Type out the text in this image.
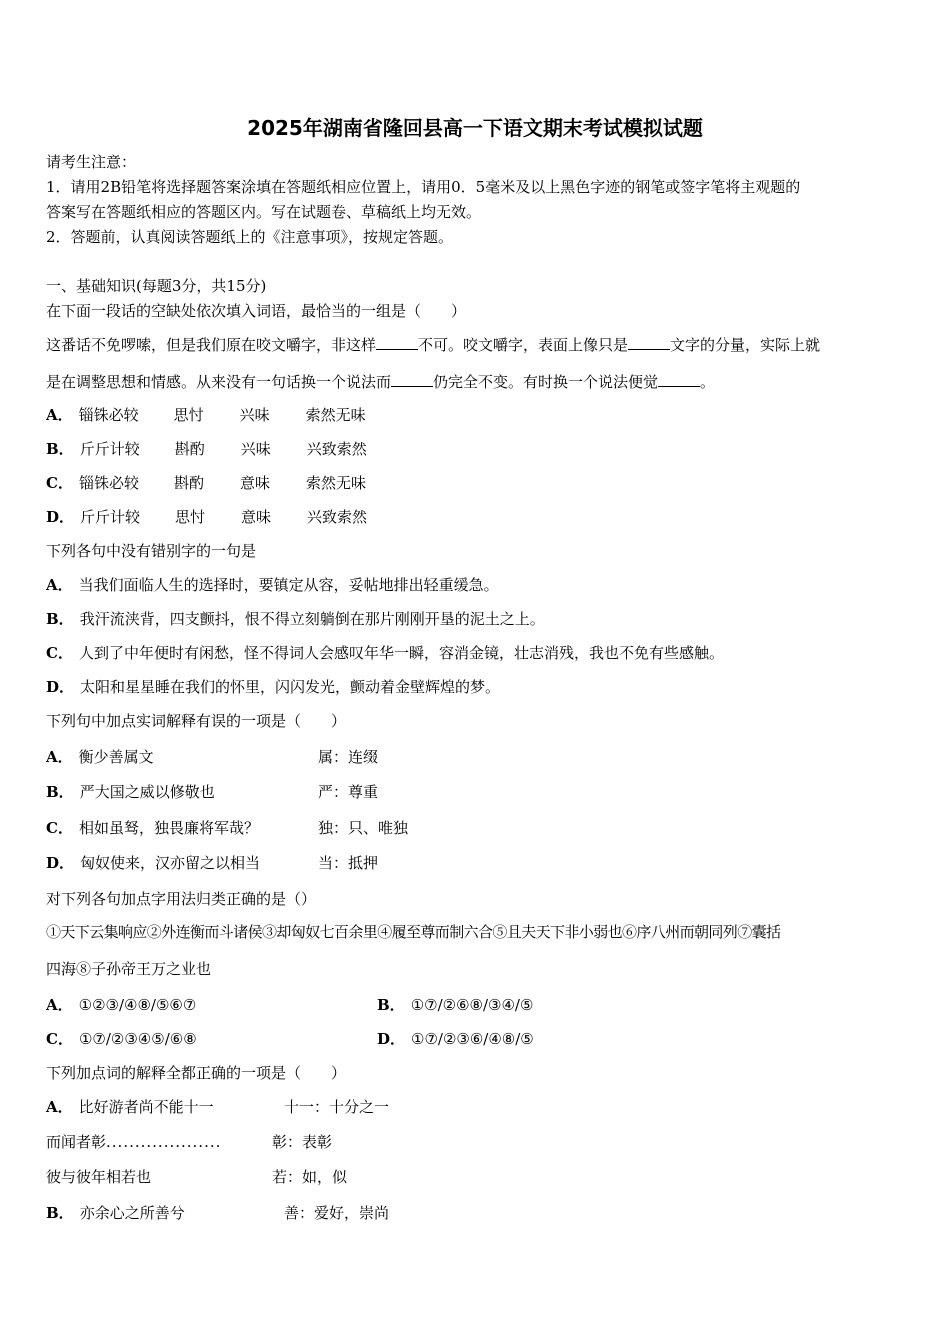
2025年湖南省隆回县高一下语文期末考试模拟试题
请考生注意：
1．请用2B铅笔将选择题答案涂填在答题纸相应位置上，请用0．5毫米及以上黑色字迹的钢笔或签字笔将主观题的
答案写在答题纸相应的答题区内。写在试题卷、草稿纸上均无效。
2．答题前，认真阅读答题纸上的《注意事项》，按规定答题。
一、基础知识(每题3分，共15分)
在下面一段话的空缺处依次填入词语，最恰当的一组是（　　）
这番话不免啰嗦，但是我们原在咬文嚼字，非这样	不可。咬文嚼字，表面上像只是	文字的分量，实际上就
是在调整思想和情感。从来没有一句话换一个说法而	仍完全不变。有时换一个说法便觉	。
A． 锱铢必较 思忖 兴味 索然无味
B． 斤斤计较 斟酌 兴味 兴致索然
C． 锱铢必较 斟酌 意味 索然无味
D． 斤斤计较 思忖 意味 兴致索然
下列各句中没有错别字的一句是
A． 当我们面临人生的选择时，要镇定从容，妥帖地排出轻重缓急。
B． 我汗流浃背，四支颤抖，恨不得立刻躺倒在那片刚刚开垦的泥土之上。
C． 人到了中年便时有闲愁，怪不得词人会感叹年华一瞬，容消金镜，壮志消残，我也不免有些感触。
D． 太阳和星星睡在我们的怀里，闪闪发光，颤动着金壁辉煌的梦。
下列句中加点实词解释有误的一项是（　　）
A． 衡少善属文	属：连缀
B． 严大国之威以修敬也	严：尊重
C． 相如虽驽，独畏廉将军哉？	独：只、唯独
D． 匈奴使来，汉亦留之以相当	当：抵押
对下列各句加点字用法归类正确的是（）
①天下云集响应②外连衡而斗诸侯③却匈奴七百余里④履至尊而制六合⑤且夫天下非小弱也⑥序八州而朝同列⑦囊括
四海⑧子孙帝王万之业也
A． ①②③/④⑧/⑤⑥⑦	B． ①⑦/②⑥⑧/③④/⑤
C． ①⑦/②③④⑤/⑥⑧	D． ①⑦/②③⑥/④⑧/⑤
下列加点词的解释全都正确的一项是（　　）
A． 比好游者尚不能十一	十一：十分之一
而闻者彰....................	彰：表彰
彼与彼年相若也	若：如，似
B． 亦余心之所善兮	善：爱好，崇尚
